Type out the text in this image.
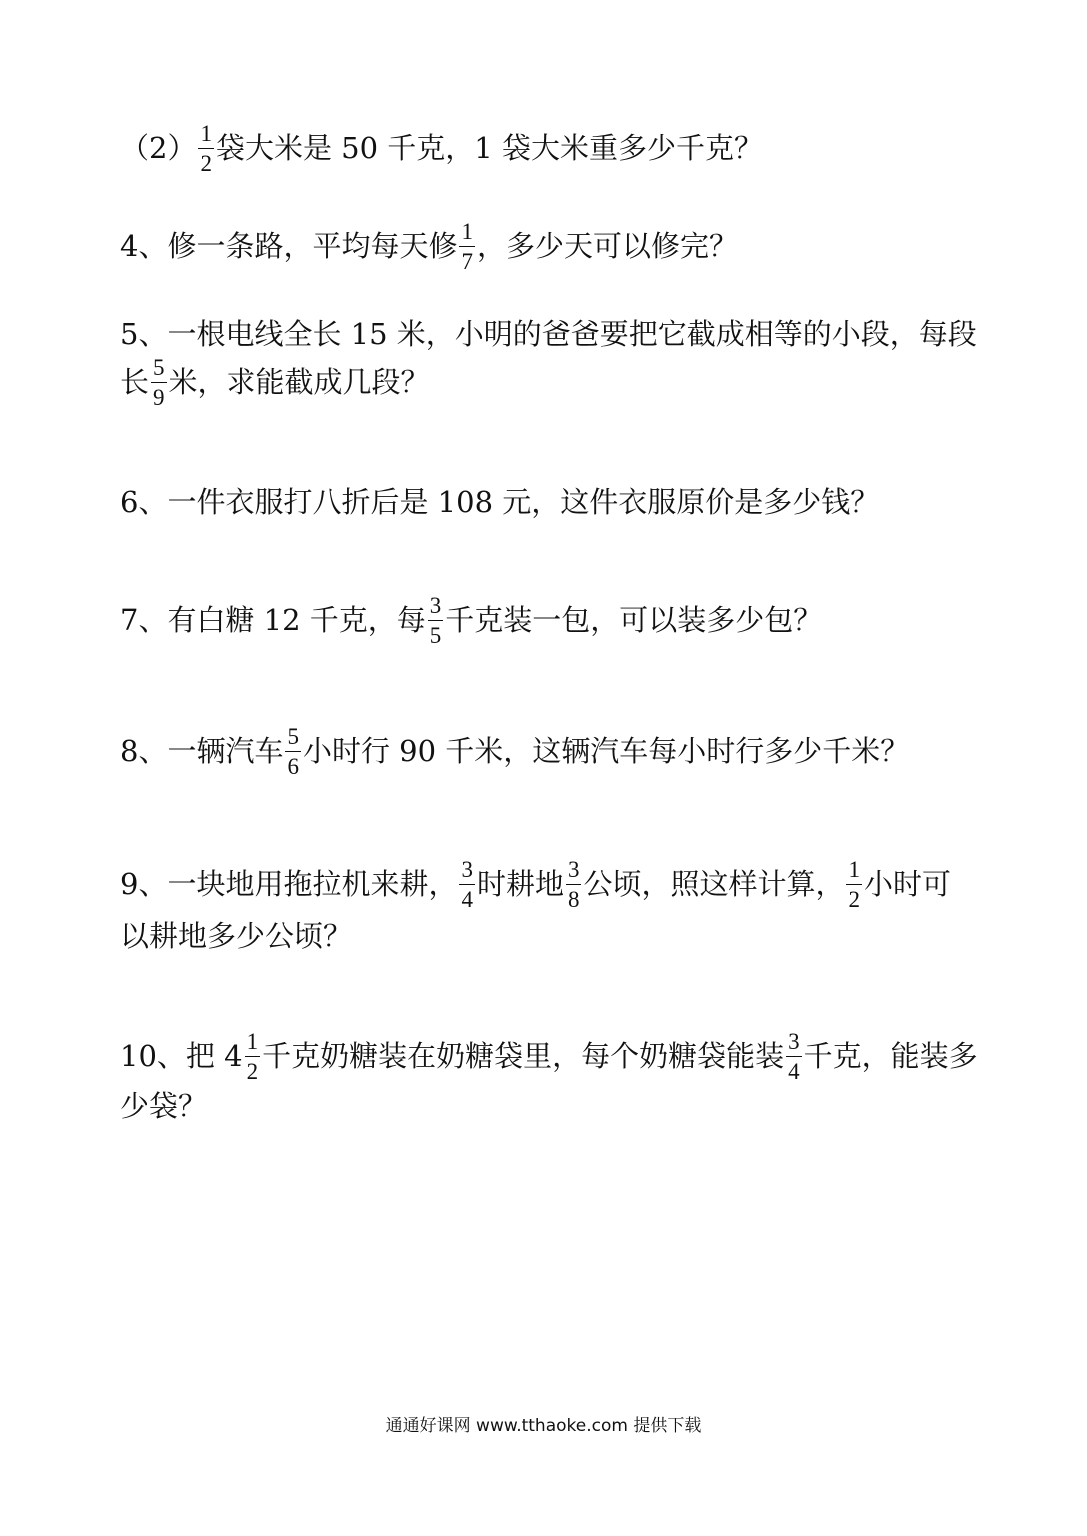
$(2) \frac{1}{2}$ 袋大米是 50 千克，1 袋大米重多少千克？
4、修一条路，平均每天修 $\frac{1}{7}$ ，多少天可以修完？
5、一根电线全长 15 米，小明的爸爸要把它截成相等的小段，每段
长 $\frac{5}{9}$ 米，求能截成几段？
6、一件衣服打八折后是 108 元，这件衣服原价是多少钱？
7、有白糖 12 千克，每 $\frac{3}{5}$ 千克装一包，可以装多少包？
8、一辆汽车 $\frac{5}{6}$ 小时行 90 千米，这辆汽车每小时行多少千米？
9、一块地用拖拉机来耕， $\frac{3}{4}$ 时耕地 $\frac{3}{8}$ 公顷，照这样计算， $\frac{1}{2}$ 小时可
以耕地多少公顷？
10、把 $4 \frac{1}{2}$ 千克奶糖装在奶糖袋里，每个奶糖袋能装 $\frac{3}{4}$ 千克，能装多
少袋？
通通好课网 www.tthaoke.com 提供下载
